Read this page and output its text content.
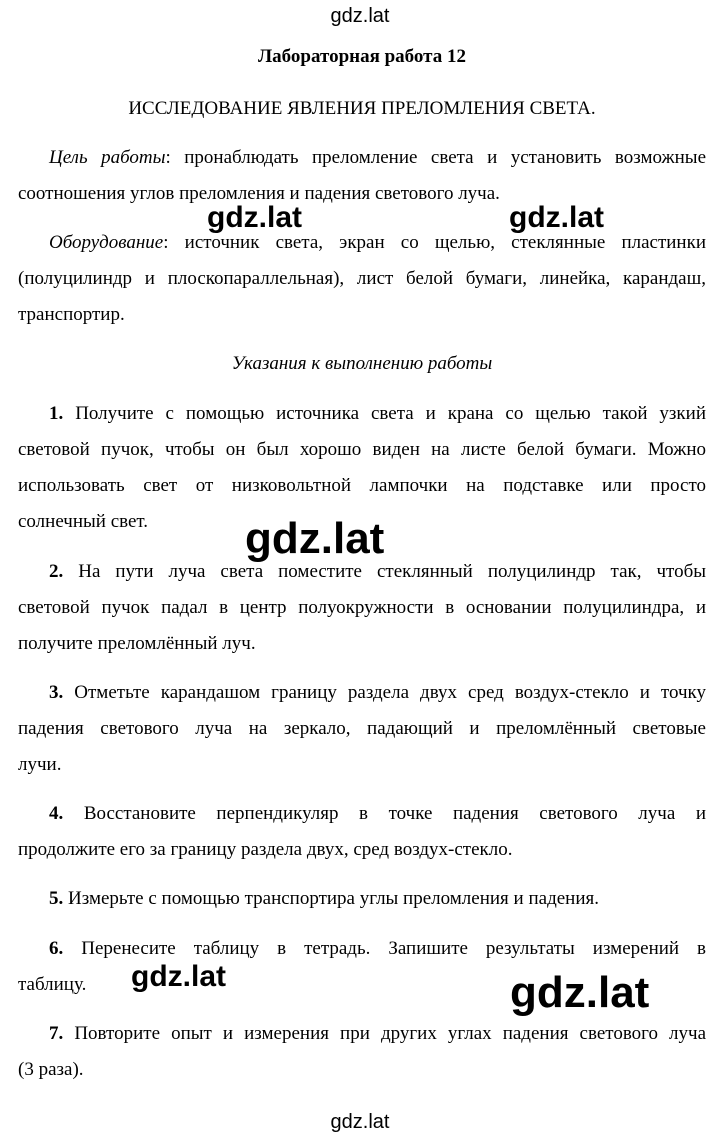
gdz.lat
Лабораторная работа 12
ИССЛЕДОВАНИЕ ЯВЛЕНИЯ ПРЕЛОМЛЕНИЯ СВЕТА.
Цель работы: пронаблюдать преломление света и установить возможные
соотношения углов преломления и падения светового луча.
Оборудование: источник света, экран со щелью, стеклянные пластинки
(полуцилиндр и плоскопараллельная), лист белой бумаги, линейка, карандаш,
транспортир.
Указания к выполнению работы
1. Получите с помощью источника света и крана со щелью такой узкий
световой пучок, чтобы он был хорошо виден на листе белой бумаги. Можно
использовать свет от низковольтной лампочки на подставке или просто
солнечный свет.
2. На пути луча света поместите стеклянный полуцилиндр так, чтобы
световой пучок падал в центр полуокружности в основании полуцилиндра, и
получите преломлённый луч.
3. Отметьте карандашом границу раздела двух сред воздух-стекло и точку
падения светового луча на зеркало, падающий и преломлённый световые
лучи.
4. Восстановите перпендикуляр в точке падения светового луча и
продолжите его за границу раздела двух, сред воздух-стекло.
5. Измерьте с помощью транспортира углы преломления и падения.
6. Перенесите таблицу в тетрадь. Запишите результаты измерений в
таблицу.
7. Повторите опыт и измерения при других углах падения светового луча
(3 раза).
gdz.lat	gdz.lat
gdz.lat
gdz.lat	gdz.lat
gdz.lat
